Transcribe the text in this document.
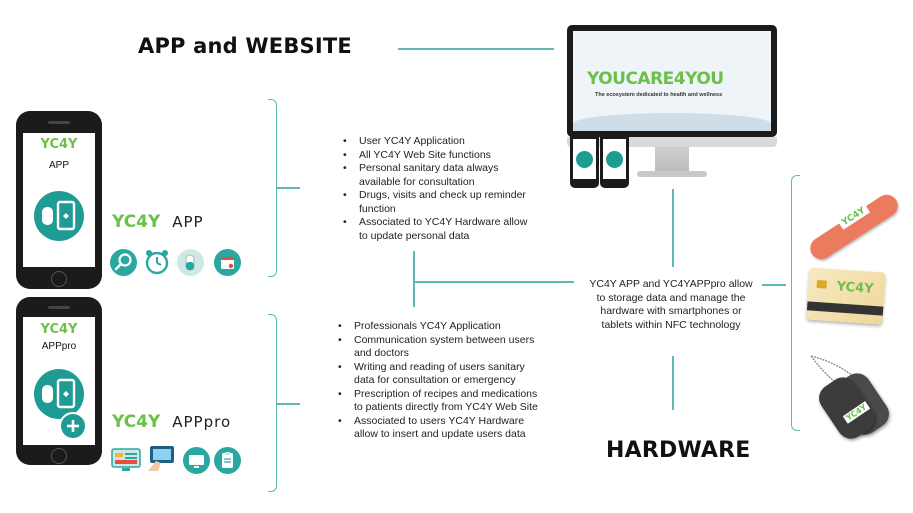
APP and WEBSITE
HARDWARE
YC4Y
APP
YC4Y APP
YC4Y
APPpro
YC4Y APPpro
• User YC4Y Application
• All YC4Y Web Site functions
• Personal sanitary data always available for consultation
• Drugs, visits and check up reminder function
• Associated to YC4Y Hardware allow to update personal data
• Professionals YC4Y Application
• Communication system between users and doctors
• Writing and reading of users sanitary data for consultation or emergency
• Prescription of recipes and medications to patients directly from YC4Y Web Site
• Associated to users YC4Y Hardware allow to insert and update users data
YC4Y APP and YC4YAPPpro allow to storage data and manage the hardware with smartphones or tablets within NFC technology
YOUCARE4YOU
The ecosystem dedicated to health and wellness
YC4Y
YC4Y
YC4Y
